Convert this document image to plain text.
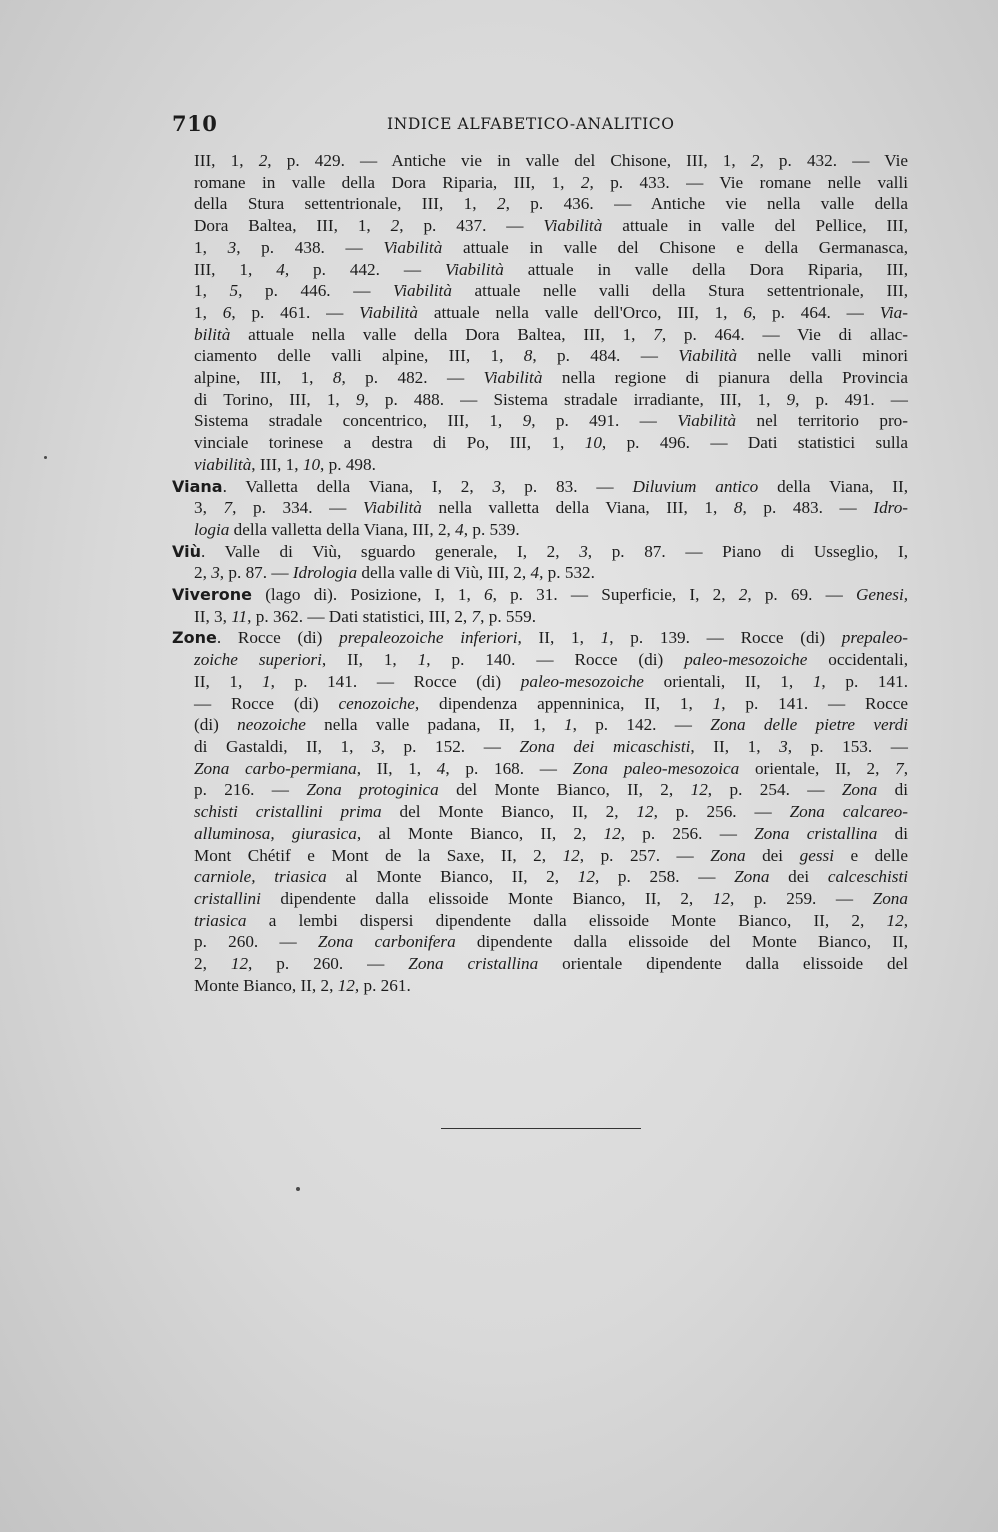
710	INDICE ALFABETICO-ANALITICO
III, 1, 2, p. 429. — Antiche vie in valle del Chisone, III, 1, 2, p. 432. — Vie
romane in valle della Dora Riparia, III, 1, 2, p. 433. — Vie romane nelle valli
della Stura settentrionale, III, 1, 2, p. 436. — Antiche vie nella valle della
Dora Baltea, III, 1, 2, p. 437. — Viabilità attuale in valle del Pellice, III,
1, 3, p. 438. — Viabilità attuale in valle del Chisone e della Germanasca,
III, 1, 4, p. 442. — Viabilità attuale in valle della Dora Riparia, III,
1, 5, p. 446. — Viabilità attuale nelle valli della Stura settentrionale, III,
1, 6, p. 461. — Viabilità attuale nella valle dell'Orco, III, 1, 6, p. 464. — Via-
bilità attuale nella valle della Dora Baltea, III, 1, 7, p. 464. — Vie di allac-
ciamento delle valli alpine, III, 1, 8, p. 484. — Viabilità nelle valli minori
alpine, III, 1, 8, p. 482. — Viabilità nella regione di pianura della Provincia
di Torino, III, 1, 9, p. 488. — Sistema stradale irradiante, III, 1, 9, p. 491. —
Sistema stradale concentrico, III, 1, 9, p. 491. — Viabilità nel territorio pro-
vinciale torinese a destra di Po, III, 1, 10, p. 496. — Dati statistici sulla
viabilità, III, 1, 10, p. 498.
Viana. Valletta della Viana, I, 2, 3, p. 83. — Diluvium antico della Viana, II,
3, 7, p. 334. — Viabilità nella valletta della Viana, III, 1, 8, p. 483. — Idro-
logia della valletta della Viana, III, 2, 4, p. 539.
Viù. Valle di Viù, sguardo generale, I, 2, 3, p. 87. — Piano di Usseglio, I,
2, 3, p. 87. — Idrologia della valle di Viù, III, 2, 4, p. 532.
Viverone (lago di). Posizione, I, 1, 6, p. 31. — Superficie, I, 2, 2, p. 69. — Genesi,
II, 3, 11, p. 362. — Dati statistici, III, 2, 7, p. 559.
Zone. Rocce (di) prepaleozoiche inferiori, II, 1, 1, p. 139. — Rocce (di) prepaleo-
zoiche superiori, II, 1, 1, p. 140. — Rocce (di) paleo-mesozoiche occidentali,
II, 1, 1, p. 141. — Rocce (di) paleo-mesozoiche orientali, II, 1, 1, p. 141.
— Rocce (di) cenozoiche, dipendenza appenninica, II, 1, 1, p. 141. — Rocce
(di) neozoiche nella valle padana, II, 1, 1, p. 142. — Zona delle pietre verdi
di Gastaldi, II, 1, 3, p. 152. — Zona dei micaschisti, II, 1, 3, p. 153. —
Zona carbo-permiana, II, 1, 4, p. 168. — Zona paleo-mesozoica orientale, II, 2, 7,
p. 216. — Zona protoginica del Monte Bianco, II, 2, 12, p. 254. — Zona di
schisti cristallini prima del Monte Bianco, II, 2, 12, p. 256. — Zona calcareo-
alluminosa, giurasica, al Monte Bianco, II, 2, 12, p. 256. — Zona cristallina di
Mont Chétif e Mont de la Saxe, II, 2, 12, p. 257. — Zona dei gessi e delle
carniole, triasica al Monte Bianco, II, 2, 12, p. 258. — Zona dei calceschisti
cristallini dipendente dalla elissoide Monte Bianco, II, 2, 12, p. 259. — Zona
triasica a lembi dispersi dipendente dalla elissoide Monte Bianco, II, 2, 12,
p. 260. — Zona carbonifera dipendente dalla elissoide del Monte Bianco, II,
2, 12, p. 260. — Zona cristallina orientale dipendente dalla elissoide del
Monte Bianco, II, 2, 12, p. 261.
